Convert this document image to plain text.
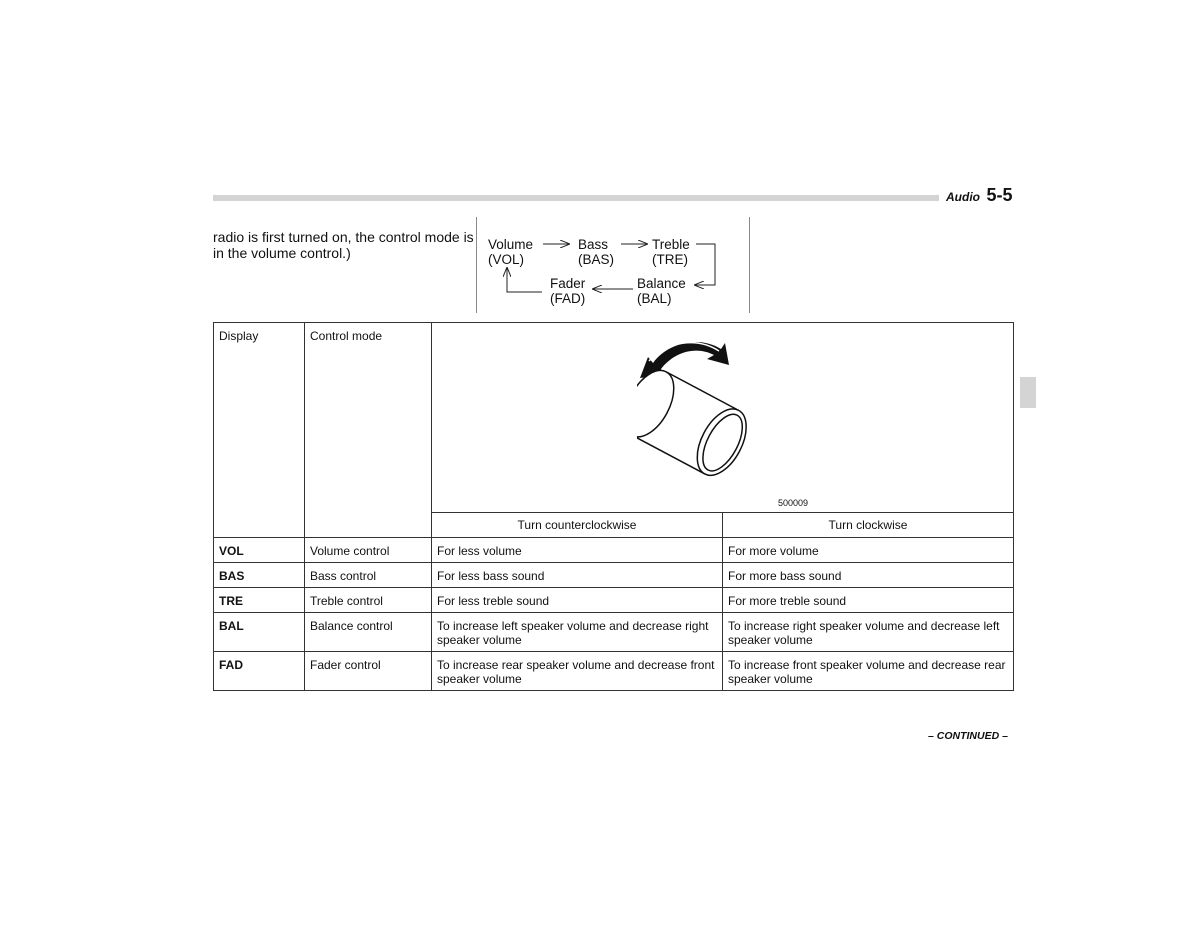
Audio 5-5

radio is first turned on, the control mode is in the volume control.)

Volume
(VOL)
Bass
(BAS)
Treble
(TRE)
Balance
(BAL)
Fader
(FAD)
Display	Control mode	500009	

		Turn counterclockwise	Turn clockwise
VOL	Volume control	For less volume	For more volume
BAS	Bass control	For less bass sound	For more bass sound
TRE	Treble control	For less treble sound	For more treble sound
BAL	Balance control	To increase left speaker volume and decrease right speaker volume	To increase right speaker volume and decrease left speaker volume
FAD	Fader control	To increase rear speaker volume and decrease front speaker volume	To increase front speaker volume and decrease rear speaker volume
– CONTINUED –
